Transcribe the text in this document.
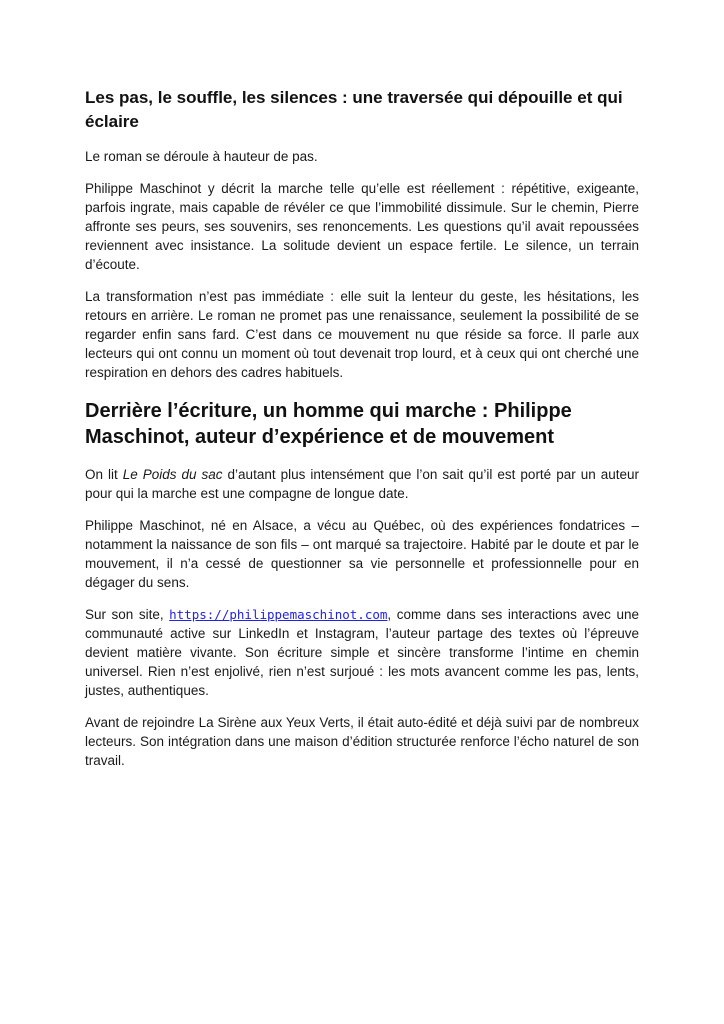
Les pas, le souffle, les silences : une traversée qui dépouille et qui éclaire

Le roman se déroule à hauteur de pas.

Philippe Maschinot y décrit la marche telle qu’elle est réellement : répétitive, exigeante, parfois ingrate, mais capable de révéler ce que l’immobilité dissimule. Sur le chemin, Pierre affronte ses peurs, ses souvenirs, ses renoncements. Les questions qu’il avait repoussées reviennent avec insistance. La solitude devient un espace fertile. Le silence, un terrain d’écoute.

La transformation n’est pas immédiate : elle suit la lenteur du geste, les hésitations, les retours en arrière. Le roman ne promet pas une renaissance, seulement la possibilité de se regarder enfin sans fard. C’est dans ce mouvement nu que réside sa force. Il parle aux lecteurs qui ont connu un moment où tout devenait trop lourd, et à ceux qui ont cherché une respiration en dehors des cadres habituels.

Derrière l’écriture, un homme qui marche : Philippe Maschinot, auteur d’expérience et de mouvement

On lit Le Poids du sac d’autant plus intensément que l’on sait qu’il est porté par un auteur pour qui la marche est une compagne de longue date.

Philippe Maschinot, né en Alsace, a vécu au Québec, où des expériences fondatrices – notamment la naissance de son fils – ont marqué sa trajectoire. Habité par le doute et par le mouvement, il n’a cessé de questionner sa vie personnelle et professionnelle pour en dégager du sens.

Sur son site, https://philippemaschinot.com, comme dans ses interactions avec une communauté active sur LinkedIn et Instagram, l’auteur partage des textes où l’épreuve devient matière vivante. Son écriture simple et sincère transforme l’intime en chemin universel. Rien n’est enjolivé, rien n’est surjoué : les mots avancent comme les pas, lents, justes, authentiques.

Avant de rejoindre La Sirène aux Yeux Verts, il était auto-édité et déjà suivi par de nombreux lecteurs. Son intégration dans une maison d’édition structurée renforce l’écho naturel de son travail.
